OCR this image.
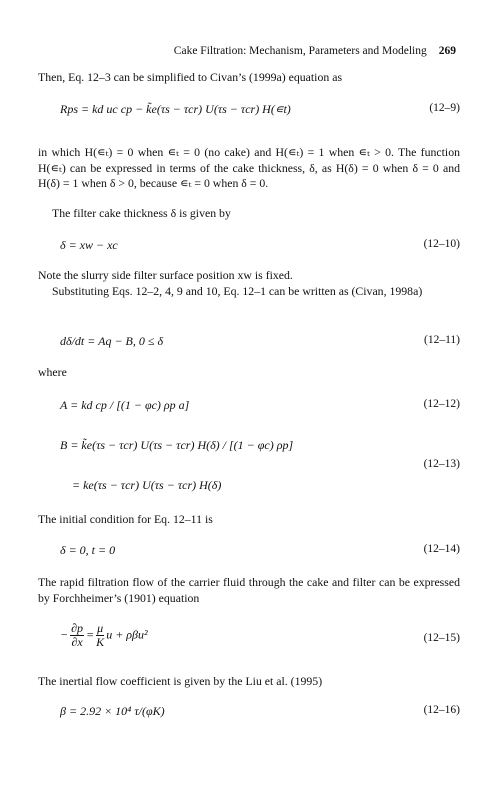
Cake Filtration: Mechanism, Parameters and Modeling 269
Then, Eq. 12–3 can be simplified to Civan’s (1999a) equation as
Rps = kd uc cp − k̃e(τs − τcr) U(τs − τcr) H(∊t)	(12–9)
in which H(∊ₜ) = 0 when ∊ₜ = 0 (no cake) and H(∊ₜ) = 1 when ∊ₜ > 0. The function H(∊ₜ) can be expressed in terms of the cake thickness, δ, as H(δ) = 0 when δ = 0 and H(δ) = 1 when δ > 0, because ∊ₜ = 0 when δ = 0.
The filter cake thickness δ is given by
δ = xw − xc	(12–10)
Note the slurry side filter surface position xw is fixed.
Substituting Eqs. 12–2, 4, 9 and 10, Eq. 12–1 can be written as (Civan, 1998a)
dδ/dt = Aq − B, 0 ≤ δ	(12–11)
where
A = kd cp / [(1 − φc) ρp a]	(12–12)
B = k̃e(τs − τcr) U(τs − τcr) H(δ) / [(1 − φc) ρp]
(12–13)
= ke(τs − τcr) U(τs − τcr) H(δ)
The initial condition for Eq. 12–11 is
δ = 0, t = 0	(12–14)
The rapid filtration flow of the carrier fluid through the cake and filter can be expressed by Forchheimer’s (1901) equation
− $\frac{\partial p}{\partial x} = \frac{\mu}{K}$ u + ρβu²	(12–15)
The inertial flow coefficient is given by the Liu et al. (1995)
β = 2.92 × 10⁴ τ/(φK)	(12–16)
